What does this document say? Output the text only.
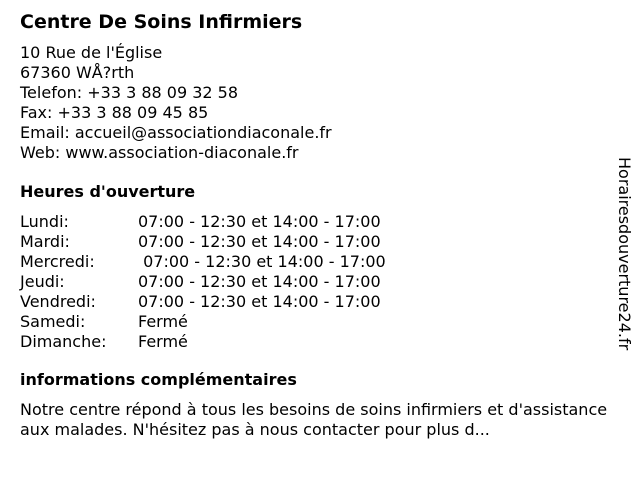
Centre De Soins Infirmiers
10 Rue de l'Église
67360 WÅ?rth
Telefon: +33 3 88 09 32 58
Fax: +33 3 88 09 45 85
Email: accueil@associationdiaconale.fr
Web: www.association-diaconale.fr
Heures d'ouverture
Lundi:	07:00 - 12:30 et 14:00 - 17:00
Mardi:	07:00 - 12:30 et 14:00 - 17:00
Mercredi:	07:00 - 12:30 et 14:00 - 17:00
Jeudi:	07:00 - 12:30 et 14:00 - 17:00
Vendredi:	07:00 - 12:30 et 14:00 - 17:00
Samedi:	Fermé
Dimanche:	Fermé
informations complémentaires
Notre centre répond à tous les besoins de soins infirmiers et d'assistance aux malades. N'hésitez pas à nous contacter pour plus d...
Horairesdouverture24.fr
